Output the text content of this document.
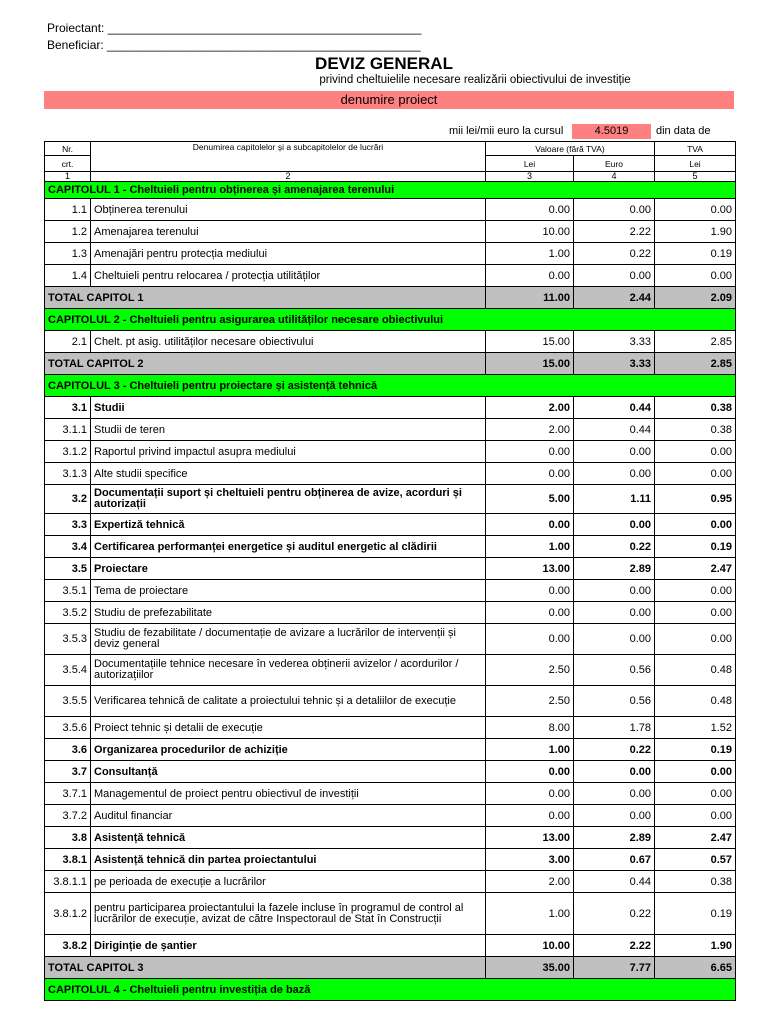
Proiectant: _______________________________________________
Beneficiar: _______________________________________________
DEVIZ GENERAL
privind cheltuielile necesare realizării obiectivului de investiție
denumire proiect
mii lei/mii euro la cursul	4.5019	din data de
Nr.	Denumirea capitolelor și a subcapitolelor de lucrări	Valoare (fără TVA)		TVA
crt.		Lei	Euro	Lei
1	2	3	4	5
CAPITOLUL 1 - Cheltuieli pentru obținerea și amenajarea terenului				
1.1	Obținerea terenului	0.00	0.00	0.00
1.2	Amenajarea terenului	10.00	2.22	1.90
1.3	Amenajări pentru protecția mediului	1.00	0.22	0.19
1.4	Cheltuieli pentru relocarea / protecția utilităților	0.00	0.00	0.00
TOTAL CAPITOL 1		11.00	2.44	2.09
CAPITOLUL 2 - Cheltuieli pentru asigurarea utilităților necesare obiectivului				
2.1	Chelt. pt asig. utilităților necesare obiectivului	15.00	3.33	2.85
TOTAL CAPITOL 2		15.00	3.33	2.85
CAPITOLUL 3 - Cheltuieli pentru proiectare și asistență tehnică				
3.1	Studii	2.00	0.44	0.38
3.1.1	Studii de teren	2.00	0.44	0.38
3.1.2	Raportul privind impactul asupra mediului	0.00	0.00	0.00
3.1.3	Alte studii specifice	0.00	0.00	0.00
3.2	Documentații suport și cheltuieli pentru obținerea de avize, acorduri și autorizații	5.00	1.11	0.95
3.3	Expertiză tehnică	0.00	0.00	0.00
3.4	Certificarea performanței energetice și auditul energetic al clădirii	1.00	0.22	0.19
3.5	Proiectare	13.00	2.89	2.47
3.5.1	Tema de proiectare	0.00	0.00	0.00
3.5.2	Studiu de prefezabilitate	0.00	0.00	0.00
3.5.3	Studiu de fezabilitate / documentație de avizare a lucrărilor de intervenții și deviz general	0.00	0.00	0.00
3.5.4	Documentațiile tehnice necesare în vederea obținerii avizelor / acordurilor / autorizațiilor	2.50	0.56	0.48
3.5.5	Verificarea tehnică de calitate a proiectului tehnic și a detaliilor de execuție	2.50	0.56	0.48
3.5.6	Proiect tehnic și detalii de execuție	8.00	1.78	1.52
3.6	Organizarea procedurilor de achiziție	1.00	0.22	0.19
3.7	Consultanță	0.00	0.00	0.00
3.7.1	Managementul de proiect pentru obiectivul de investiții	0.00	0.00	0.00
3.7.2	Auditul financiar	0.00	0.00	0.00
3.8	Asistență tehnică	13.00	2.89	2.47
3.8.1	Asistență tehnică din partea proiectantului	3.00	0.67	0.57
3.8.1.1	pe perioada de execuție a lucrărilor	2.00	0.44	0.38
3.8.1.2	pentru participarea proiectantului la fazele incluse în programul de control al lucrărilor de execuție, avizat de către Inspectoraul de Stat în Construcții	1.00	0.22	0.19
3.8.2	Diriginție de șantier	10.00	2.22	1.90
TOTAL CAPITOL 3		35.00	7.77	6.65
CAPITOLUL 4 - Cheltuieli pentru investiția de bază				
